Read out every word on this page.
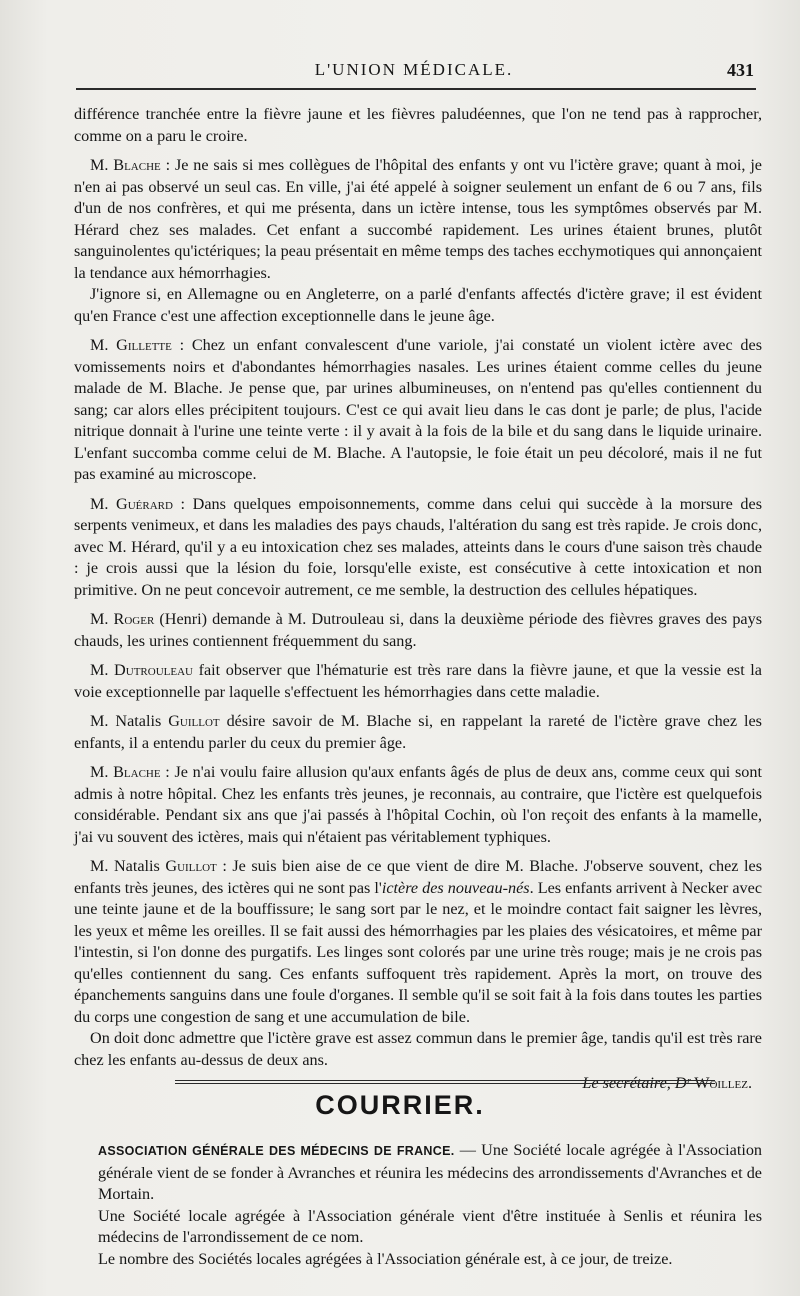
L'UNION MÉDICALE.	431

différence tranchée entre la fièvre jaune et les fièvres paludéennes, que l'on ne tend pas à rapprocher, comme on a paru le croire.

M. Blache : Je ne sais si mes collègues de l'hôpital des enfants y ont vu l'ictère grave; quant à moi, je n'en ai pas observé un seul cas. En ville, j'ai été appelé à soigner seulement un enfant de 6 ou 7 ans, fils d'un de nos confrères, et qui me présenta, dans un ictère intense, tous les symptômes observés par M. Hérard chez ses malades. Cet enfant a succombé rapidement. Les urines étaient brunes, plutôt sanguinolentes qu'ictériques; la peau présentait en même temps des taches ecchymotiques qui annonçaient la tendance aux hémorrhagies.

J'ignore si, en Allemagne ou en Angleterre, on a parlé d'enfants affectés d'ictère grave; il est évident qu'en France c'est une affection exceptionnelle dans le jeune âge.

M. Gillette : Chez un enfant convalescent d'une variole, j'ai constaté un violent ictère avec des vomissements noirs et d'abondantes hémorrhagies nasales. Les urines étaient comme celles du jeune malade de M. Blache. Je pense que, par urines albumineuses, on n'entend pas qu'elles contiennent du sang; car alors elles précipitent toujours. C'est ce qui avait lieu dans le cas dont je parle; de plus, l'acide nitrique donnait à l'urine une teinte verte : il y avait à la fois de la bile et du sang dans le liquide urinaire. L'enfant succomba comme celui de M. Blache. A l'autopsie, le foie était un peu décoloré, mais il ne fut pas examiné au microscope.

M. Guérard : Dans quelques empoisonnements, comme dans celui qui succède à la morsure des serpents venimeux, et dans les maladies des pays chauds, l'altération du sang est très rapide. Je crois donc, avec M. Hérard, qu'il y a eu intoxication chez ses malades, atteints dans le cours d'une saison très chaude : je crois aussi que la lésion du foie, lorsqu'elle existe, est consécutive à cette intoxication et non primitive. On ne peut concevoir autrement, ce me semble, la destruction des cellules hépatiques.

M. Roger (Henri) demande à M. Dutrouleau si, dans la deuxième période des fièvres graves des pays chauds, les urines contiennent fréquemment du sang.

M. Dutrouleau fait observer que l'hématurie est très rare dans la fièvre jaune, et que la vessie est la voie exceptionnelle par laquelle s'effectuent les hémorrhagies dans cette maladie.

M. Natalis Guillot désire savoir de M. Blache si, en rappelant la rareté de l'ictère grave chez les enfants, il a entendu parler du ceux du premier âge.

M. Blache : Je n'ai voulu faire allusion qu'aux enfants âgés de plus de deux ans, comme ceux qui sont admis à notre hôpital. Chez les enfants très jeunes, je reconnais, au contraire, que l'ictère est quelquefois considérable. Pendant six ans que j'ai passés à l'hôpital Cochin, où l'on reçoit des enfants à la mamelle, j'ai vu souvent des ictères, mais qui n'étaient pas véritablement typhiques.

M. Natalis Guillot : Je suis bien aise de ce que vient de dire M. Blache. J'observe souvent, chez les enfants très jeunes, des ictères qui ne sont pas l'ictère des nouveau-nés. Les enfants arrivent à Necker avec une teinte jaune et de la bouffissure; le sang sort par le nez, et le moindre contact fait saigner les lèvres, les yeux et même les oreilles. Il se fait aussi des hémorrhagies par les plaies des vésicatoires, et même par l'intestin, si l'on donne des purgatifs. Les linges sont colorés par une urine très rouge; mais je ne crois pas qu'elles contiennent du sang. Ces enfants suffoquent très rapidement. Après la mort, on trouve des épanchements sanguins dans une foule d'organes. Il semble qu'il se soit fait à la fois dans toutes les parties du corps une congestion de sang et une accumulation de bile.

On doit donc admettre que l'ictère grave est assez commun dans le premier âge, tandis qu'il est très rare chez les enfants au-dessus de deux ans.

Le secrétaire, Dʳ Woillez.
COURRIER.

ASSOCIATION GÉNÉRALE DES MÉDECINS DE FRANCE. — Une Société locale agrégée à l'Association générale vient de se fonder à Avranches et réunira les médecins des arrondissements d'Avranches et de Mortain.

Une Société locale agrégée à l'Association générale vient d'être instituée à Senlis et réunira les médecins de l'arrondissement de ce nom.

Le nombre des Sociétés locales agrégées à l'Association générale est, à ce jour, de treize.
